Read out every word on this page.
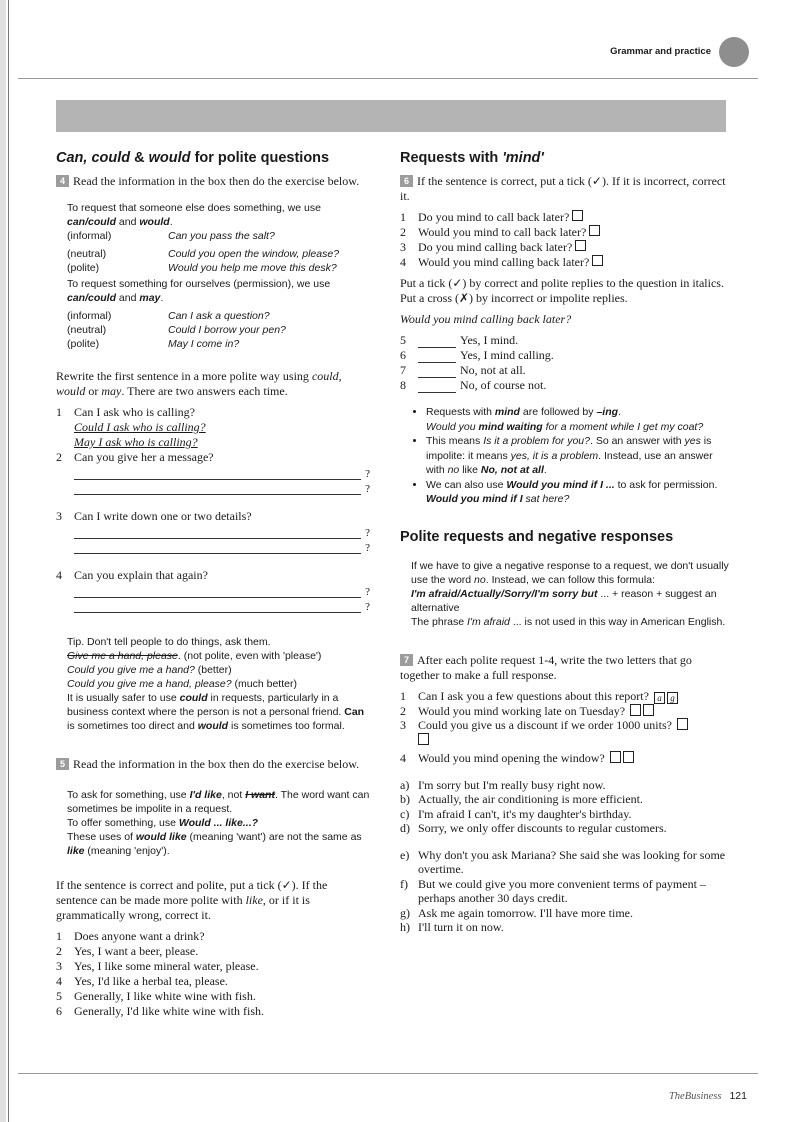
Grammar and practice
Can, could & would for polite questions

4 Read the information in the box then do the exercise below.

To request that someone else does something, we use can/could and would.
(informal)	Can you pass the salt?
(neutral)	Could you open the window, please?
(polite)	Would you help me move this desk?
To request something for ourselves (permission), we use can/could and may.
(informal)	Can I ask a question?
(neutral)	Could I borrow your pen?
(polite)	May I come in?

Rewrite the first sentence in a more polite way using could, would or may. There are two answers each time.

1	Can I ask who is calling?
Could I ask who is calling?
May I ask who is calling?
2	Can you give her a message?
?
?
3	Can I write down one or two details?
?
?
4	Can you explain that again?
?
?
Tip. Don't tell people to do things, ask them.
Give me a hand, please. (not polite, even with 'please')
Could you give me a hand? (better)
Could you give me a hand, please? (much better)
It is usually safer to use could in requests, particularly in a business context where the person is not a personal friend. Can is sometimes too direct and would is sometimes too formal.

5 Read the information in the box then do the exercise below.

To ask for something, use I'd like, not I want. The word want can sometimes be impolite in a request.
To offer something, use Would ... like...?
These uses of would like (meaning 'want') are not the same as like (meaning 'enjoy').

If the sentence is correct and polite, put a tick (✓). If the sentence can be made more polite with like, or if it is grammatically wrong, correct it.

1	Does anyone want a drink?
2	Yes, I want a beer, please.
3	Yes, I like some mineral water, please.
4	Yes, I'd like a herbal tea, please.
5	Generally, I like white wine with fish.
6	Generally, I'd like white wine with fish.
Requests with 'mind'

6 If the sentence is correct, put a tick (✓). If it is incorrect, correct it.

1	Do you mind to call back later?
2	Would you mind to call back later?
3	Do you mind calling back later?
4	Would you mind calling back later?

Put a tick (✓) by correct and polite replies to the question in italics. Put a cross (✗) by incorrect or impolite replies.

Would you mind calling back later?

5	Yes, I mind.
6	Yes, I mind calling.
7	No, not at all.
8	No, of course not.
• Requests with mind are followed by –ing.
Would you mind waiting for a moment while I get my coat?
• This means Is it a problem for you?. So an answer with yes is impolite: it means yes, it is a problem. Instead, use an answer with no like No, not at all.
• We can also use Would you mind if I ... to ask for permission.
Would you mind if I sat here?
Polite requests and negative responses
If we have to give a negative response to a request, we don't usually use the word no. Instead, we can follow this formula:
I'm afraid/Actually/Sorry/I'm sorry but ... + reason + suggest an alternative
The phrase I'm afraid ... is not used in this way in American English.

7 After each polite request 1-4, write the two letters that go together to make a full response.

1	Can I ask you a few questions about this report? a g
2	Would you mind working late on Tuesday?
3	Could you give us a discount if we order 1000 units?

4	Would you mind opening the window?
a) I'm sorry but I'm really busy right now.
b) Actually, the air conditioning is more efficient.
c) I'm afraid I can't, it's my daughter's birthday.
d) Sorry, we only offer discounts to regular customers.
e) Why don't you ask Mariana? She said she was looking for some overtime.
f) But we could give you more convenient terms of payment – perhaps another 30 days credit.
g) Ask me again tomorrow. I'll have more time.
h) I'll turn it on now.
TheBusiness 121
